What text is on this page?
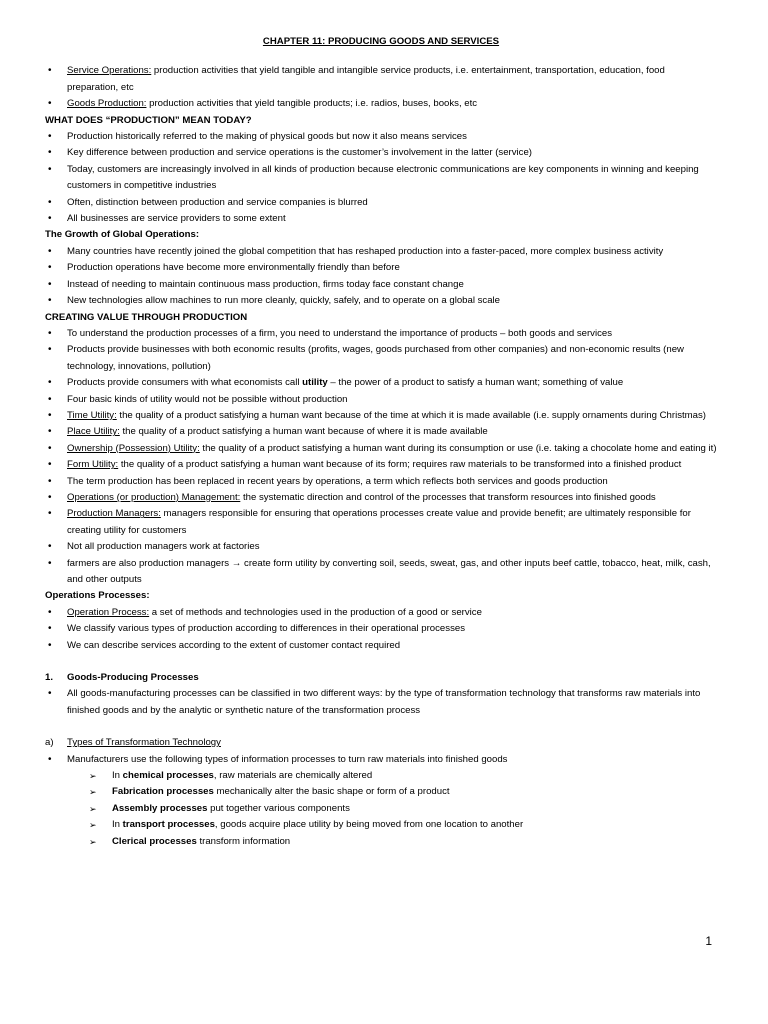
CHAPTER 11: PRODUCING GOODS AND SERVICES
• Service Operations: production activities that yield tangible and intangible service products, i.e. entertainment, transportation, education, food preparation, etc
• Goods Production: production activities that yield tangible products; i.e. radios, buses, books, etc
WHAT DOES “PRODUCTION” MEAN TODAY?
• Production historically referred to the making of physical goods but now it also means services
• Key difference between production and service operations is the customer’s involvement in the latter (service)
• Today, customers are increasingly involved in all kinds of production because electronic communications are key components in winning and keeping customers in competitive industries
• Often, distinction between production and service companies is blurred
• All businesses are service providers to some extent
The Growth of Global Operations:
• Many countries have recently joined the global competition that has reshaped production into a faster-paced, more complex business activity
• Production operations have become more environmentally friendly than before
• Instead of needing to maintain continuous mass production, firms today face constant change
• New technologies allow machines to run more cleanly, quickly, safely, and to operate on a global scale
CREATING VALUE THROUGH PRODUCTION
• To understand the production processes of a firm, you need to understand the importance of products – both goods and services
• Products provide businesses with both economic results (profits, wages, goods purchased from other companies) and non-economic results (new technology, innovations, pollution)
• Products provide consumers with what economists call utility – the power of a product to satisfy a human want; something of value
• Four basic kinds of utility would not be possible without production
• Time Utility: the quality of a product satisfying a human want because of the time at which it is made available (i.e. supply ornaments during Christmas)
• Place Utility: the quality of a product satisfying a human want because of where it is made available
• Ownership (Possession) Utility: the quality of a product satisfying a human want during its consumption or use (i.e. taking a chocolate home and eating it)
• Form Utility: the quality of a product satisfying a human want because of its form; requires raw materials to be transformed into a finished product
• The term production has been replaced in recent years by operations, a term which reflects both services and goods production
• Operations (or production) Management: the systematic direction and control of the processes that transform resources into finished goods
• Production Managers: managers responsible for ensuring that operations processes create value and provide benefit; are ultimately responsible for creating utility for customers
• Not all production managers work at factories
• farmers are also production managers → create form utility by converting soil, seeds, sweat, gas, and other inputs beef cattle, tobacco, heat, milk, cash, and other outputs
Operations Processes:
• Operation Process: a set of methods and technologies used in the production of a good or service
• We classify various types of production according to differences in their operational processes
• We can describe services according to the extent of customer contact required
1. Goods-Producing Processes
• All goods-manufacturing processes can be classified in two different ways: by the type of transformation technology that transforms raw materials into finished goods and by the analytic or synthetic nature of the transformation process
a) Types of Transformation Technology
• Manufacturers use the following types of information processes to turn raw materials into finished goods
➢ In chemical processes, raw materials are chemically altered
➢ Fabrication processes mechanically alter the basic shape or form of a product
➢ Assembly processes put together various components
➢ In transport processes, goods acquire place utility by being moved from one location to another
➢ Clerical processes transform information
1
